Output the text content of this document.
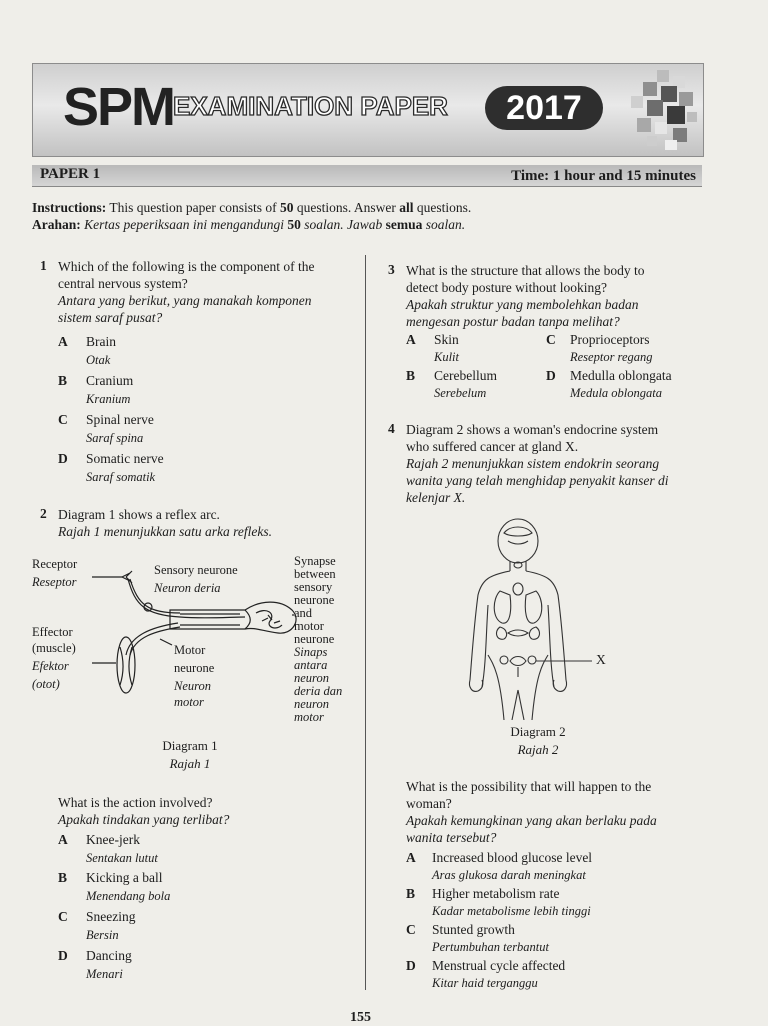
SPM
EXAMINATION PAPER	2017
PAPER 1	Time: 1 hour and 15 minutes
Instructions: This question paper consists of 50 questions. Answer all questions.
Arahan: Kertas peperiksaan ini mengandungi 50 soalan. Jawab semua soalan.
1 Which of the following is the component of the
central nervous system?
Antara yang berikut, yang manakah komponen
sistem saraf pusat?
A Brain
Otak
B Cranium
Kranium
C Spinal nerve
Saraf spina
D Somatic nerve
Saraf somatik
2 Diagram 1 shows a reflex arc.
Rajah 1 menunjukkan satu arka refleks.
Receptor
Reseptor
Sensory neurone
Neuron deria
Effector
(muscle)
Efektor
(otot)
Motor
neurone
Neuron
motor
Synapse
between
sensory
neurone
and
motor
neurone
Sinaps
antara
neuron
deria dan
neuron
motor
Diagram 1
Rajah 1
What is the action involved?
Apakah tindakan yang terlibat?
A Knee-jerk
Sentakan lutut
B Kicking a ball
Menendang bola
C Sneezing
Bersin
D Dancing
Menari
3 What is the structure that allows the body to
detect body posture without looking?
Apakah struktur yang membolehkan badan
mengesan postur badan tanpa melihat?
A Skin
Kulit
C Proprioceptors
Reseptor regang
B Cerebellum
Serebelum
D Medulla oblongata
Medula oblongata
4 Diagram 2 shows a woman's endocrine system
who suffered cancer at gland X.
Rajah 2 menunjukkan sistem endokrin seorang
wanita yang telah menghidap penyakit kanser di
kelenjar X.
X
Diagram 2
Rajah 2
What is the possibility that will happen to the
woman?
Apakah kemungkinan yang akan berlaku pada
wanita tersebut?
A Increased blood glucose level
Aras glukosa darah meningkat
B Higher metabolism rate
Kadar metabolisme lebih tinggi
C Stunted growth
Pertumbuhan terbantut
D Menstrual cycle affected
Kitar haid terganggu
155
